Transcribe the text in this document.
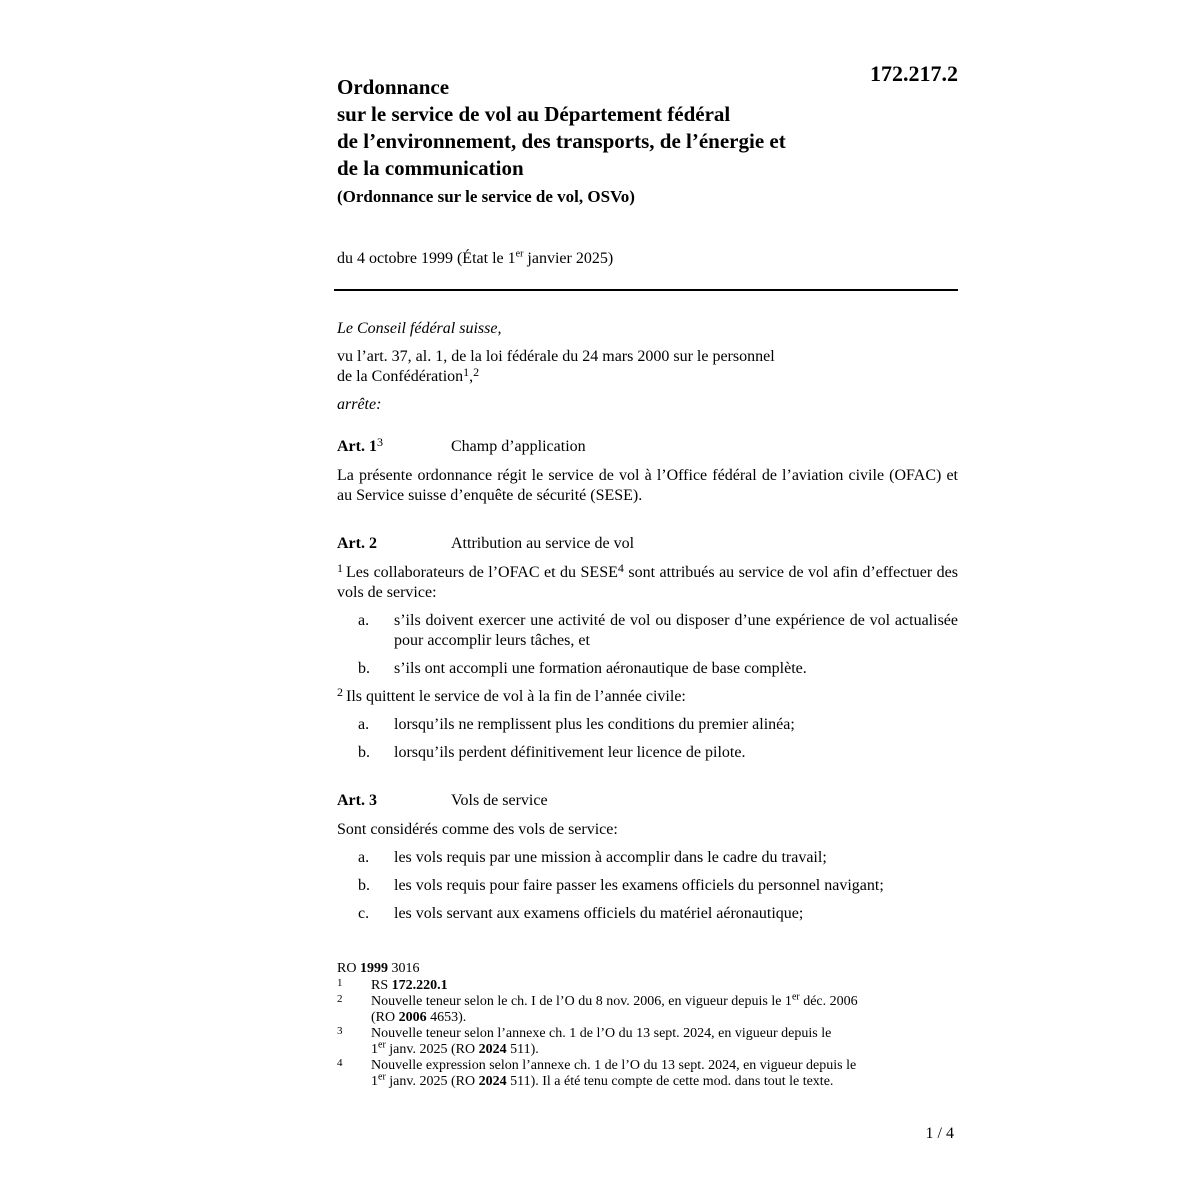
172.217.2
Ordonnance
sur le service de vol au Département fédéral
de l’environnement, des transports, de l’énergie et
de la communication
(Ordonnance sur le service de vol, OSVo)
du 4 octobre 1999 (État le 1er janvier 2025)
Le Conseil fédéral suisse,
vu l’art. 37, al. 1, de la loi fédérale du 24 mars 2000 sur le personnel
de la Confédération$^1$,$^2$
arrête:
Art. 1$^3$	Champ d’application
La présente ordonnance régit le service de vol à l’Office fédéral de l’aviation civile (OFAC) et au Service suisse d’enquête de sécurité (SESE).
Art. 2	Attribution au service de vol
$^1$ Les collaborateurs de l’OFAC et du SESE$^4$ sont attribués au service de vol afin d’effectuer des vols de service:
a.	s’ils doivent exercer une activité de vol ou disposer d’une expérience de vol actualisée pour accomplir leurs tâches, et
b.	s’ils ont accompli une formation aéronautique de base complète.
$^2$ Ils quittent le service de vol à la fin de l’année civile:
a.	lorsqu’ils ne remplissent plus les conditions du premier alinéa;
b.	lorsqu’ils perdent définitivement leur licence de pilote.
Art. 3	Vols de service
Sont considérés comme des vols de service:
a.	les vols requis par une mission à accomplir dans le cadre du travail;
b.	les vols requis pour faire passer les examens officiels du personnel navigant;
c.	les vols servant aux examens officiels du matériel aéronautique;
RO 1999 3016
1	RS 172.220.1
2	Nouvelle teneur selon le ch. I de l’O du 8 nov. 2006, en vigueur depuis le 1er déc. 2006
(RO 2006 4653).
3	Nouvelle teneur selon l’annexe ch. 1 de l’O du 13 sept. 2024, en vigueur depuis le
1er janv. 2025 (RO 2024 511).
4	Nouvelle expression selon l’annexe ch. 1 de l’O du 13 sept. 2024, en vigueur depuis le
1er janv. 2025 (RO 2024 511). Il a été tenu compte de cette mod. dans tout le texte.
1 / 4
